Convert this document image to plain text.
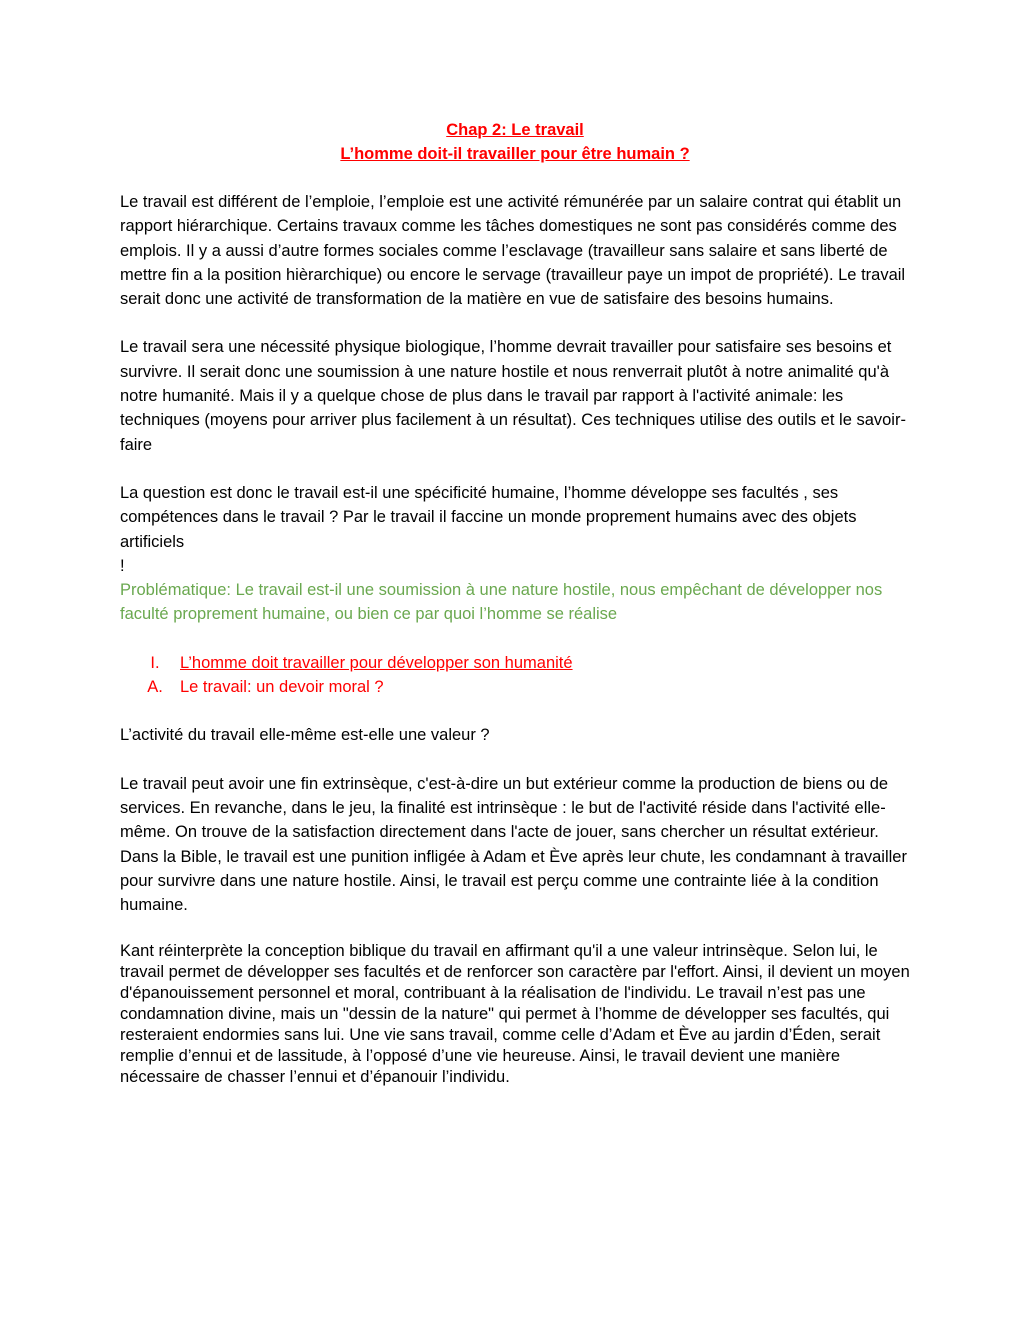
Chap 2: Le travail
L’homme doit-il travailler pour être humain ?

Le travail est différent de l’emploie, l’emploie est une activité rémunérée par un salaire contrat qui établit un rapport hiérarchique. Certains travaux comme les tâches domestiques ne sont pas considérés comme des emplois. Il y a aussi d’autre formes sociales comme l’esclavage (travailleur sans salaire et sans liberté de mettre fin a la position hièrarchique) ou encore le servage (travailleur paye un impot de propriété). Le travail serait donc une activité de transformation de la matière en vue de satisfaire des besoins humains.

Le travail sera une nécessité physique biologique, l’homme devrait travailler pour satisfaire ses besoins et survivre. Il serait donc une soumission à une nature hostile et nous renverrait plutôt à notre animalité qu'à notre humanité. Mais il y a quelque chose de plus dans le travail par rapport à l'activité animale: les techniques (moyens pour arriver plus facilement à un résultat). Ces techniques utilise des outils et le savoir-faire

La question est donc le travail est-il une spécificité humaine, l’homme développe ses facultés , ses compétences dans le travail ? Par le travail il faccine un monde proprement humains avec des objets artificiels

!

Problématique: Le travail est-il une soumission à une nature hostile, nous empêchant de développer nos faculté proprement humaine, ou bien ce par quoi l’homme se réalise

I.	L’homme doit travailler pour développer son humanité
A.	Le travail: un devoir moral ?

L’activité du travail elle-même est-elle une valeur ?

Le travail peut avoir une fin extrinsèque, c'est-à-dire un but extérieur comme la production de biens ou de services. En revanche, dans le jeu, la finalité est intrinsèque : le but de l'activité réside dans l'activité elle-même. On trouve de la satisfaction directement dans l'acte de jouer, sans chercher un résultat extérieur. Dans la Bible, le travail est une punition infligée à Adam et Ève après leur chute, les condamnant à travailler pour survivre dans une nature hostile. Ainsi, le travail est perçu comme une contrainte liée à la condition humaine.

Kant réinterprète la conception biblique du travail en affirmant qu'il a une valeur intrinsèque. Selon lui, le travail permet de développer ses facultés et de renforcer son caractère par l'effort. Ainsi, il devient un moyen d'épanouissement personnel et moral, contribuant à la réalisation de l'individu. Le travail n’est pas une condamnation divine, mais un "dessin de la nature" qui permet à l’homme de développer ses facultés, qui resteraient endormies sans lui. Une vie sans travail, comme celle d’Adam et Ève au jardin d’Éden, serait remplie d’ennui et de lassitude, à l’opposé d’une vie heureuse. Ainsi, le travail devient une manière nécessaire de chasser l’ennui et d’épanouir l’individu.
